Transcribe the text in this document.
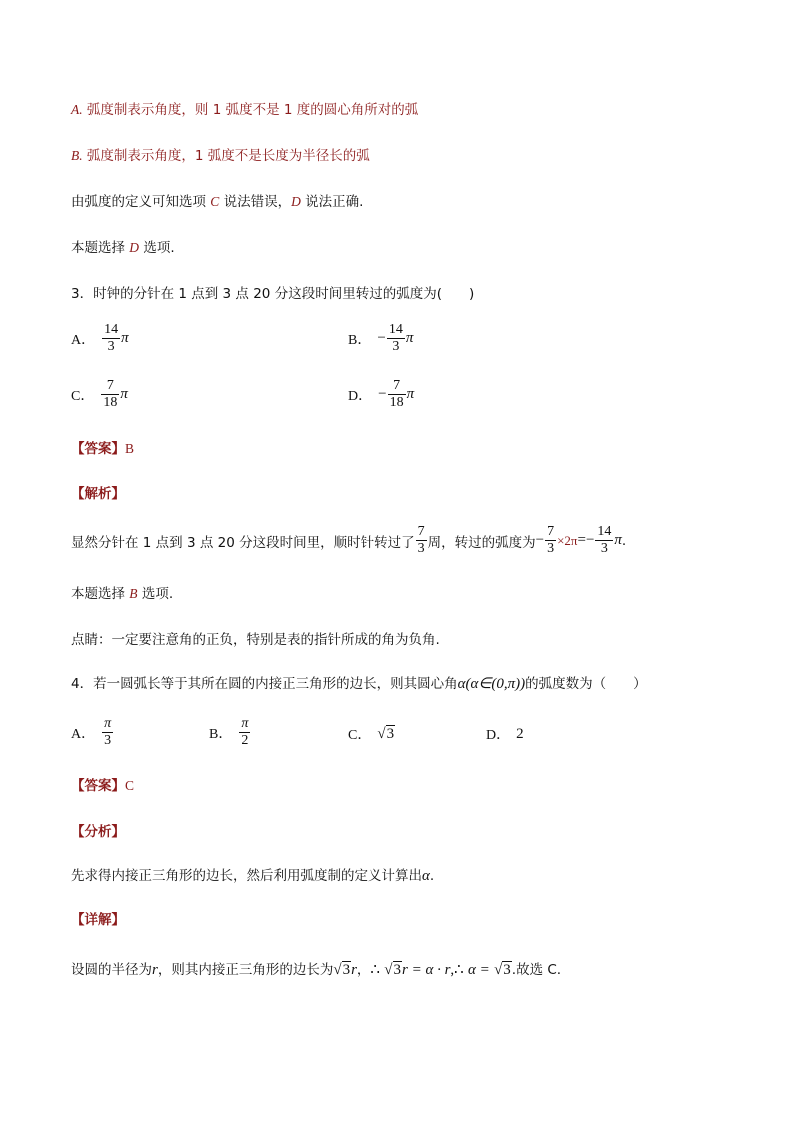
A. 弧度制表示角度，则 1 弧度不是 1 度的圆心角所对的弧
B. 弧度制表示角度，1 弧度不是长度为半径长的弧
由弧度的定义可知选项 C 说法错误，D 说法正确.
本题选择 D 选项.
3．时钟的分针在 1 点到 3 点 20 分这段时间里转过的弧度为(　　)
A． $\frac{14}{3}$ π	B． − $\frac{14}{3}$ π
C． $\frac{7}{18}$ π	D． − $\frac{7}{18}$ π
【答案】B
【解析】
显然分针在 1 点到 3 点 20 分这段时间里，顺时针转过了 $\frac{7}{3}$ 周，转过的弧度为 − $\frac{7}{3} \times 2\pi =- \frac{14}{3}$ π .
本题选择 B 选项.
点睛：一定要注意角的正负，特别是表的指针所成的角为负角.
4．若一圆弧长等于其所在圆的内接正三角形的边长，则其圆心角α(α∈(0,π))的弧度数为（　　）
A． $\frac{\pi}{3}$	B． $\frac{\pi}{2}$	C． √3	D． 2
【答案】C
【分析】
先求得内接正三角形的边长，然后利用弧度制的定义计算出α.
【详解】
设圆的半径为r，则其内接正三角形的边长为√3r，∴ √3r = α · r,∴ α = √3.故选 C.
